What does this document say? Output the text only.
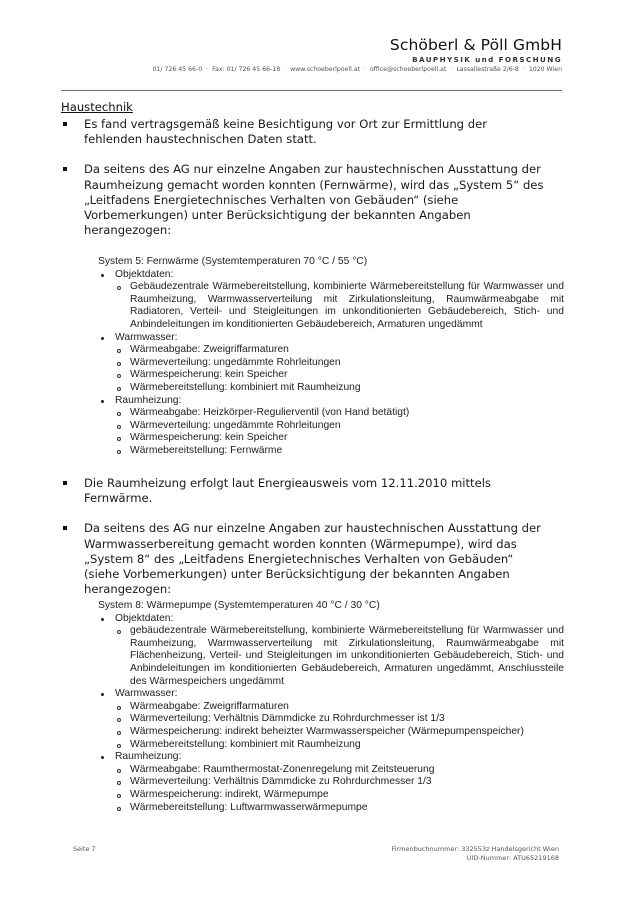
Schöberl & Pöll GmbH
BAUPHYSIK und FORSCHUNG
01/ 726 45 66-0 · Fax: 01/ 726 45 66-18 · www.schoeberlpoell.at · office@schoeberlpoell.at · Lassallestraße 2/6-8 · 1020 Wien
Haustechnik
Es fand vertragsgemäß keine Besichtigung vor Ort zur Ermittlung der fehlenden haustechnischen Daten statt.
Da seitens des AG nur einzelne Angaben zur haustechnischen Ausstattung der Raumheizung gemacht worden konnten (Fernwärme), wird das „System 5“ des „Leitfadens Energietechnisches Verhalten von Gebäuden“ (siehe Vorbemerkungen) unter Berücksichtigung der bekannten Angaben herangezogen:
System 5: Fernwärme (Systemtemperaturen 70 °C / 55 °C)
Objektdaten:
Gebäudezentrale Wärmebereitstellung, kombinierte Wärmebereitstellung für Warmwasser und Raumheizung, Warmwasserverteilung mit Zirkulationsleitung, Raumwärmeabgabe mit Radiatoren, Verteil- und Steigleitungen im unkonditionierten Gebäudebereich, Stich- und Anbindeleitungen im konditionierten Gebäudebereich, Armaturen ungedämmt
Warmwasser:
Wärmeabgabe: Zweigriffarmaturen
Wärmeverteilung: ungedämmte Rohrleitungen
Wärmespeicherung: kein Speicher
Wärmebereitstellung: kombiniert mit Raumheizung
Raumheizung:
Wärmeabgabe: Heizkörper-Regulierventil (von Hand betätigt)
Wärmeverteilung: ungedämmte Rohrleitungen
Wärmespeicherung: kein Speicher
Wärmebereitstellung: Fernwärme
Die Raumheizung erfolgt laut Energieausweis vom 12.11.2010 mittels Fernwärme.
Da seitens des AG nur einzelne Angaben zur haustechnischen Ausstattung der Warmwasserbereitung gemacht worden konnten (Wärmepumpe), wird das „System 8“ des „Leitfadens Energietechnisches Verhalten von Gebäuden“ (siehe Vorbemerkungen) unter Berücksichtigung der bekannten Angaben herangezogen:
System 8: Wärmepumpe (Systemtemperaturen 40 °C / 30 °C)
Objektdaten:
gebäudezentrale Wärmebereitstellung, kombinierte Wärmebereitstellung für Warmwasser und Raumheizung, Warmwasserverteilung mit Zirkulationsleitung, Raumwärmeabgabe mit Flächenheizung, Verteil- und Steigleitungen im unkonditionierten Gebäudebereich, Stich- und Anbindeleitungen im konditionierten Gebäudebereich, Armaturen ungedämmt, Anschlussteile des Wärmespeichers ungedämmt
Warmwasser:
Wärmeabgabe: Zweigriffarmaturen
Wärmeverteilung: Verhältnis Dämmdicke zu Rohrdurchmesser ist 1/3
Wärmespeicherung: indirekt beheizter Warmwasserspeicher (Wärmepumpenspeicher)
Wärmebereitstellung: kombiniert mit Raumheizung
Raumheizung:
Wärmeabgabe: Raumthermostat-Zonenregelung mit Zeitsteuerung
Wärmeverteilung: Verhältnis Dämmdicke zu Rohrdurchmesser 1/3
Wärmespeicherung: indirekt, Wärmepumpe
Wärmebereitstellung: Luftwarmwasserwärmepumpe
Seite 7	Firmenbuchnummer: 332553z Handelsgericht Wien
UID-Nummer: ATU65219168
